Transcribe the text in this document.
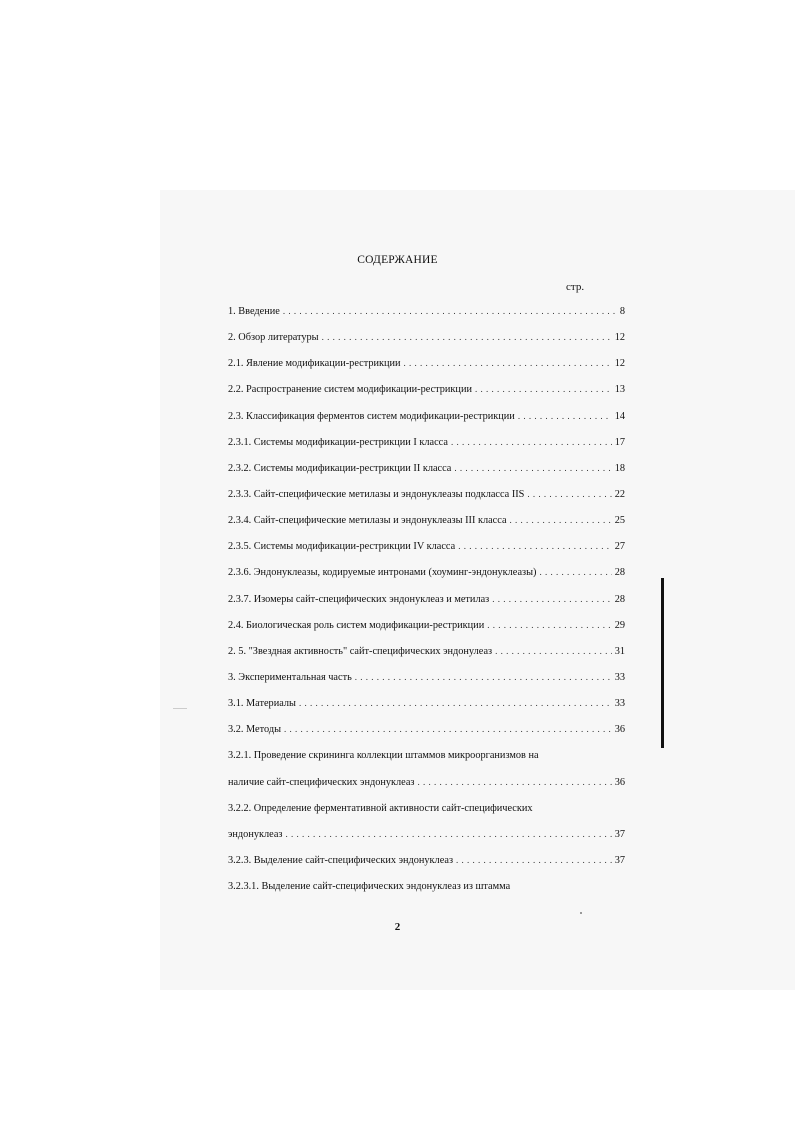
СОДЕРЖАНИЕ
стр.
1. Введение . . .	8
2. Обзор литературы . . .	12
2.1. Явление модификации-рестрикции . . .	12
2.2. Распространение систем модификации-рестрикции . . .	13
2.3. Классификация ферментов систем модификации-рестрикции . . .	14
2.3.1. Системы модификации-рестрикции I класса . . .	17
2.3.2. Системы модификации-рестрикции II класса . . .	18
2.3.3. Сайт-специфические метилазы и эндонуклеазы подкласса IIS . . .	22
2.3.4. Сайт-специфические метилазы и эндонуклеазы III класса . . .	25
2.3.5. Системы модификации-рестрикции IV класса . . .	27
2.3.6. Эндонуклеазы, кодируемые интронами (хоуминг-эндонуклеазы) . . .	28
2.3.7. Изомеры сайт-специфических эндонуклеаз и метилаз . . .	28
2.4. Биологическая роль систем модификации-рестрикции . . .	29
2. 5. "Звездная активность" сайт-специфических эндонулеаз . . .	31
3. Экспериментальная часть . . .	33
3.1. Материалы . . .	33
3.2. Методы . . .	36
3.2.1. Проведение скрининга коллекции штаммов микроорганизмов на
наличие сайт-специфических эндонуклеаз . . .	36
3.2.2. Определение ферментативной активности сайт-специфических
эндонуклеаз . . .	37
3.2.3. Выделение сайт-специфических эндонуклеаз . . .	37
3.2.3.1. Выделение сайт-специфических эндонуклеаз из штамма
2
